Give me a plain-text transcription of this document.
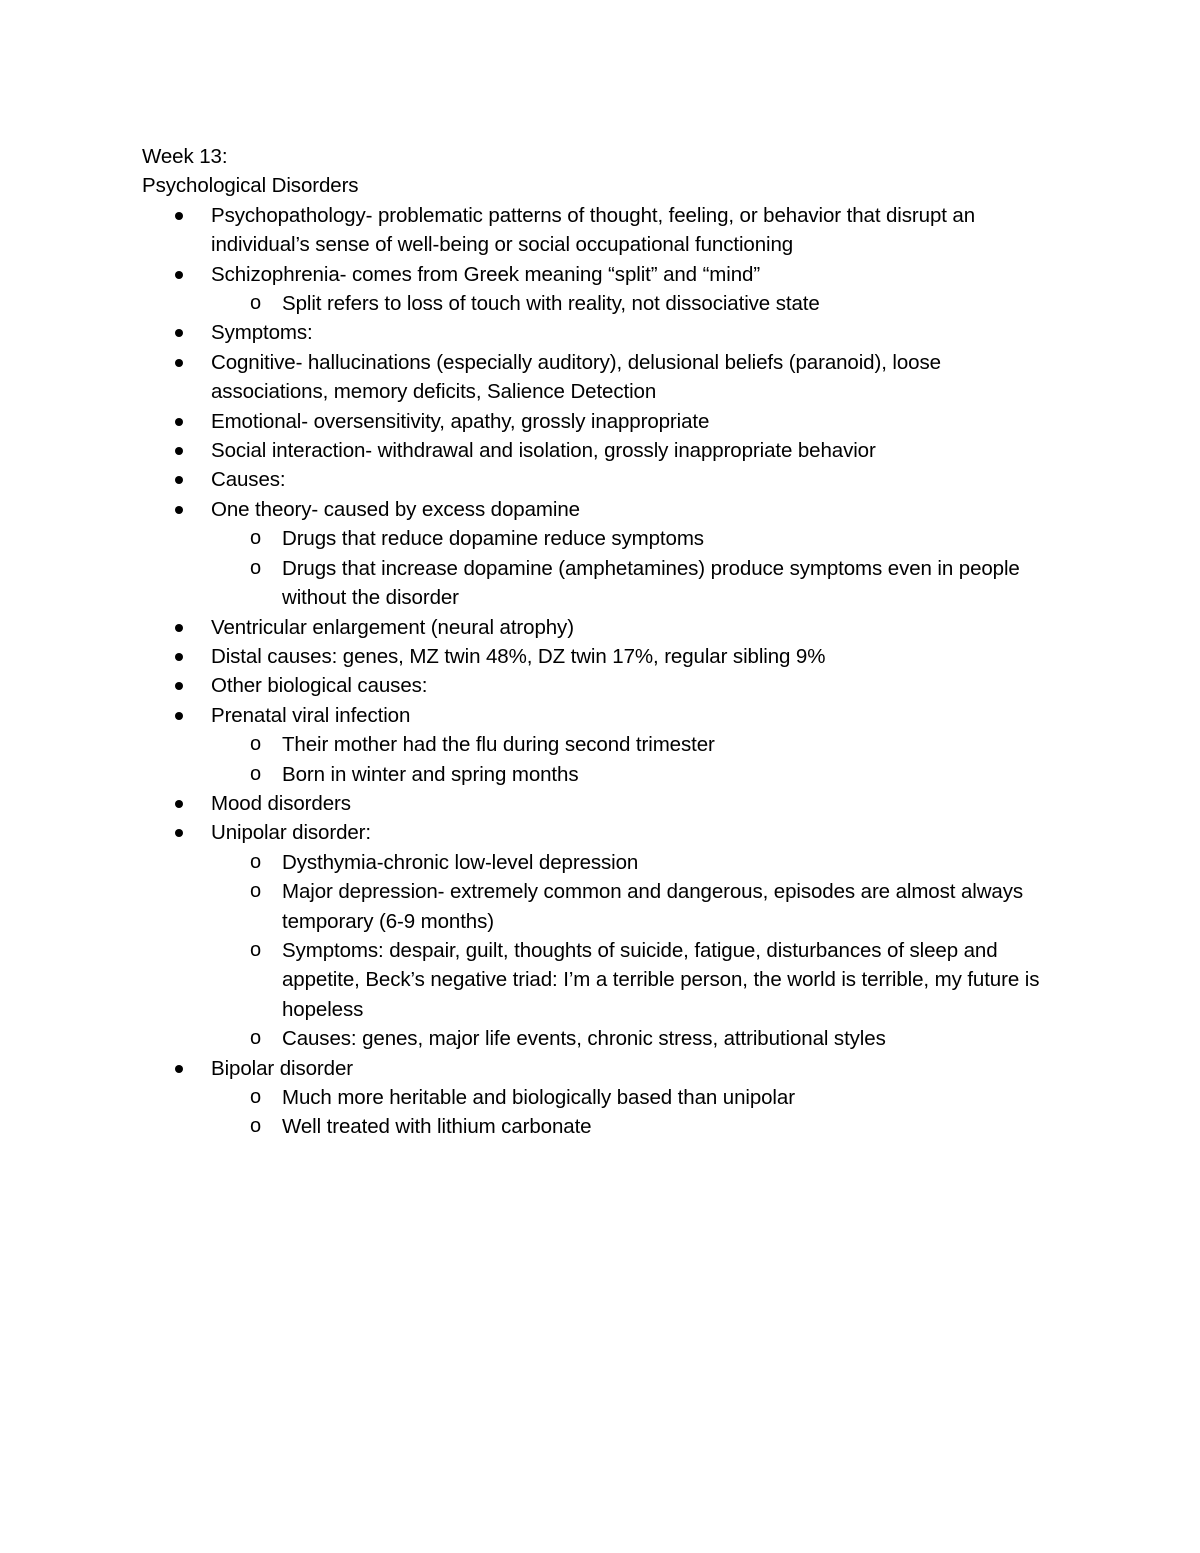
Week 13:

Psychological Disorders

Psychopathology- problematic patterns of thought, feeling, or behavior that disrupt an individual’s sense of well-being or social occupational functioning
Schizophrenia- comes from Greek meaning “split” and “mind”
o Split refers to loss of touch with reality, not dissociative state
Symptoms:
Cognitive- hallucinations (especially auditory), delusional beliefs (paranoid), loose associations, memory deficits, Salience Detection
Emotional- oversensitivity, apathy, grossly inappropriate
Social interaction- withdrawal and isolation, grossly inappropriate behavior
Causes:
One theory- caused by excess dopamine
o Drugs that reduce dopamine reduce symptoms
o Drugs that increase dopamine (amphetamines) produce symptoms even in people without the disorder
Ventricular enlargement (neural atrophy)
Distal causes: genes, MZ twin 48%, DZ twin 17%, regular sibling 9%
Other biological causes:
Prenatal viral infection
o Their mother had the flu during second trimester
o Born in winter and spring months
Mood disorders
Unipolar disorder:
o Dysthymia-chronic low-level depression
o Major depression- extremely common and dangerous, episodes are almost always temporary (6-9 months)
o Symptoms: despair, guilt, thoughts of suicide, fatigue, disturbances of sleep and appetite, Beck’s negative triad: I’m a terrible person, the world is terrible, my future is hopeless
o Causes: genes, major life events, chronic stress, attributional styles
Bipolar disorder
o Much more heritable and biologically based than unipolar
o Well treated with lithium carbonate
